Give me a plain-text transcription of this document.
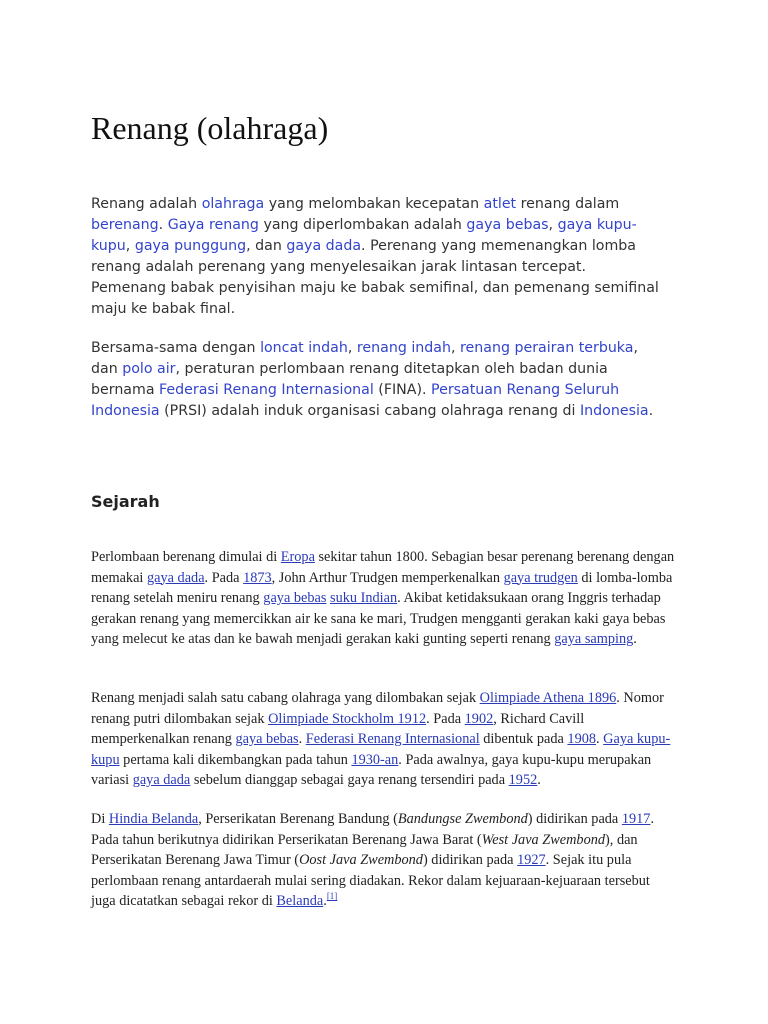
Renang (olahraga)

Renang adalah olahraga yang melombakan kecepatan atlet renang dalam berenang. Gaya renang yang diperlombakan adalah gaya bebas, gaya kupu-kupu, gaya punggung, dan gaya dada. Perenang yang memenangkan lomba renang adalah perenang yang menyelesaikan jarak lintasan tercepat. Pemenang babak penyisihan maju ke babak semifinal, dan pemenang semifinal maju ke babak final.

Bersama-sama dengan loncat indah, renang indah, renang perairan terbuka, dan polo air, peraturan perlombaan renang ditetapkan oleh badan dunia bernama Federasi Renang Internasional (FINA). Persatuan Renang Seluruh Indonesia (PRSI) adalah induk organisasi cabang olahraga renang di Indonesia.

Sejarah

Perlombaan berenang dimulai di Eropa sekitar tahun 1800. Sebagian besar perenang berenang dengan memakai gaya dada. Pada 1873, John Arthur Trudgen memperkenalkan gaya trudgen di lomba-lomba renang setelah meniru renang gaya bebas suku Indian. Akibat ketidaksukaan orang Inggris terhadap gerakan renang yang memercikkan air ke sana ke mari, Trudgen mengganti gerakan kaki gaya bebas yang melecut ke atas dan ke bawah menjadi gerakan kaki gunting seperti renang gaya samping.

Renang menjadi salah satu cabang olahraga yang dilombakan sejak Olimpiade Athena 1896. Nomor renang putri dilombakan sejak Olimpiade Stockholm 1912. Pada 1902, Richard Cavill memperkenalkan renang gaya bebas. Federasi Renang Internasional dibentuk pada 1908. Gaya kupu-kupu pertama kali dikembangkan pada tahun 1930-an. Pada awalnya, gaya kupu-kupu merupakan variasi gaya dada sebelum dianggap sebagai gaya renang tersendiri pada 1952.

Di Hindia Belanda, Perserikatan Berenang Bandung (Bandungse Zwembond) didirikan pada 1917. Pada tahun berikutnya didirikan Perserikatan Berenang Jawa Barat (West Java Zwembond), dan Perserikatan Berenang Jawa Timur (Oost Java Zwembond) didirikan pada 1927. Sejak itu pula perlombaan renang antardaerah mulai sering diadakan. Rekor dalam kejuaraan-kejuaraan tersebut juga dicatatkan sebagai rekor di Belanda.[1]
